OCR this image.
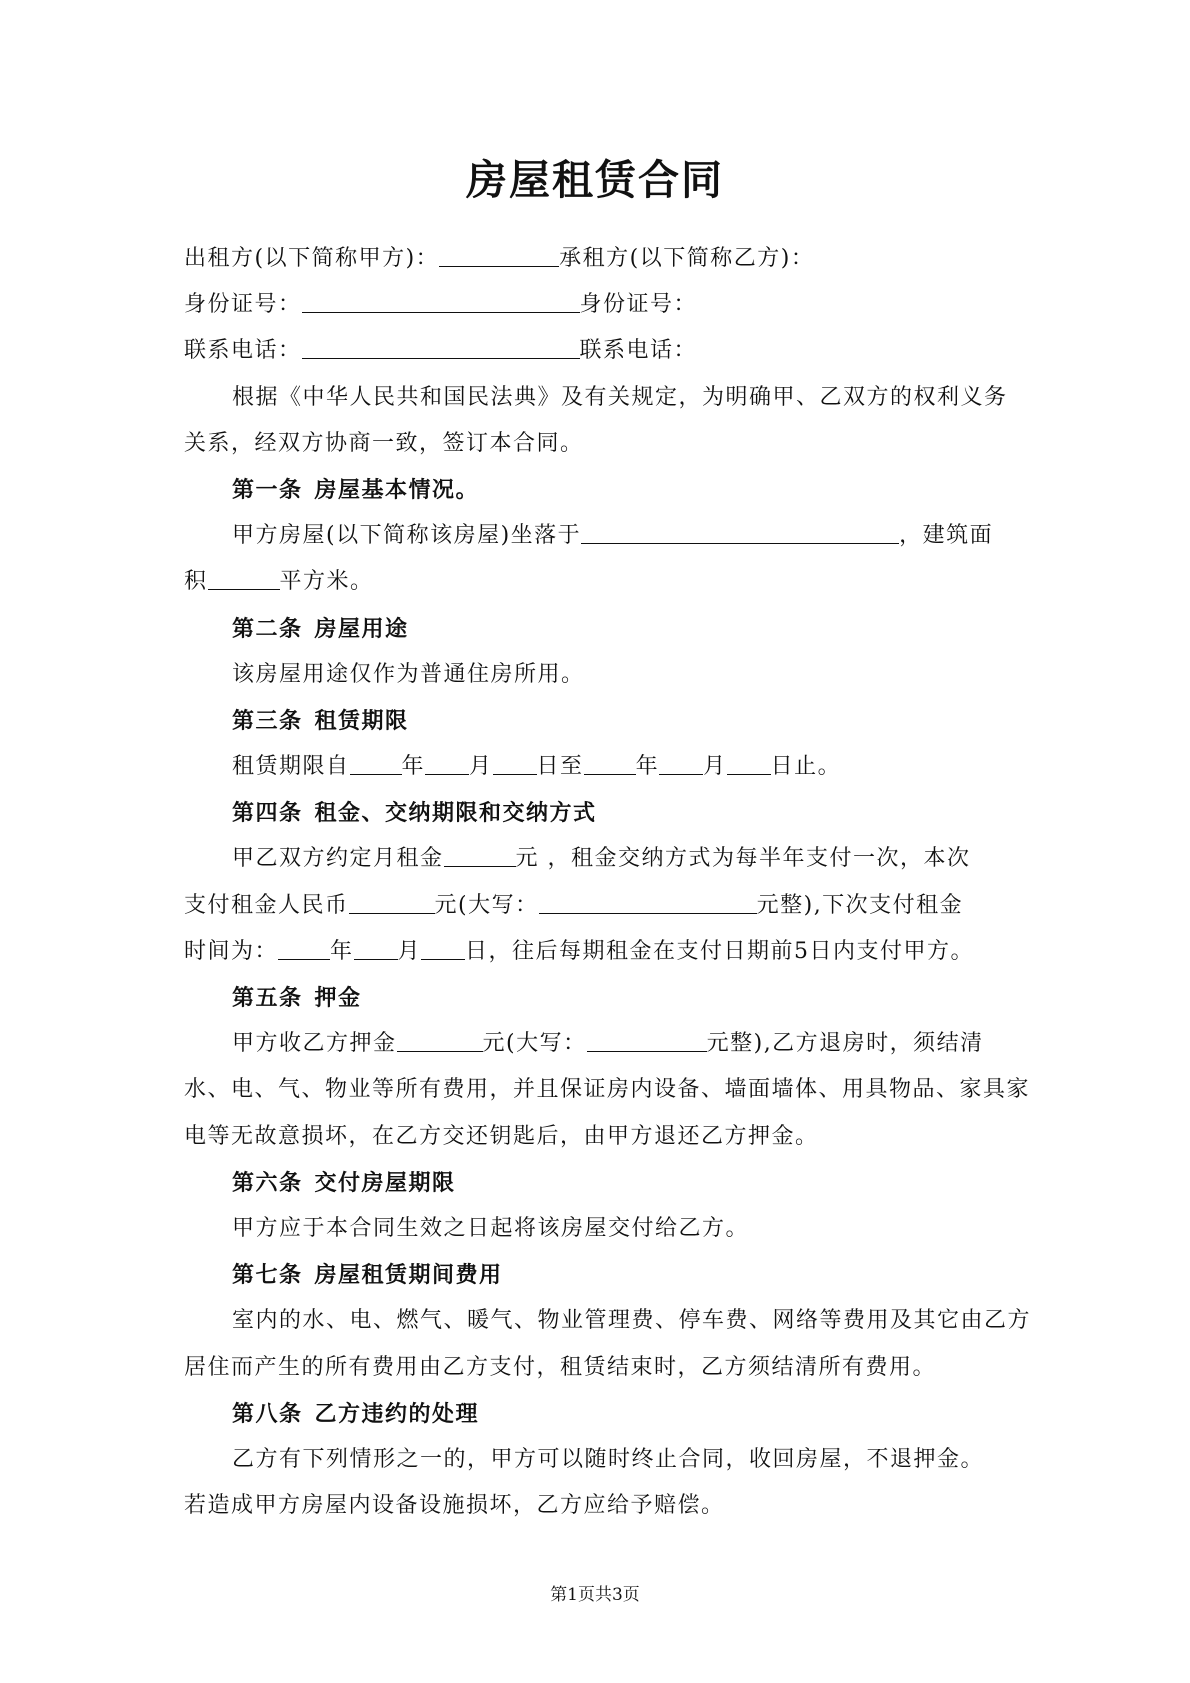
房屋租赁合同
出租方(以下简称甲方)：	承租方(以下简称乙方)：
身份证号：	身份证号：
联系电话：	联系电话：
根据《中华人民共和国民法典》及有关规定，为明确甲、乙双方的权利义务
关系，经双方协商一致，签订本合同。
第一条 房屋基本情况。
甲方房屋(以下简称该房屋)坐落于	，建筑面
积	平方米。
第二条 房屋用途
该房屋用途仅作为普通住房所用。
第三条 租赁期限
租赁期限自 年 月 日至 年 月 日止。
第四条 租金、交纳期限和交纳方式
甲乙双方约定月租金	元 ，租金交纳方式为每半年支付一次，本次
支付租金人民币	元(大写：	元整),下次支付租金
时间为： 年 月 日，往后每期租金在支付日期前5日内支付甲方。
第五条 押金
甲方收乙方押金	元(大写：	元整),乙方退房时，须结清
水、电、气、物业等所有费用，并且保证房内设备、墙面墙体、用具物品、家具家
电等无故意损坏，在乙方交还钥匙后，由甲方退还乙方押金。
第六条 交付房屋期限
甲方应于本合同生效之日起将该房屋交付给乙方。
第七条 房屋租赁期间费用
室内的水、电、燃气、暖气、物业管理费、停车费、网络等费用及其它由乙方
居住而产生的所有费用由乙方支付，租赁结束时，乙方须结清所有费用。
第八条 乙方违约的处理
乙方有下列情形之一的，甲方可以随时终止合同，收回房屋，不退押金。
若造成甲方房屋内设备设施损坏，乙方应给予赔偿。
第1页共3页
